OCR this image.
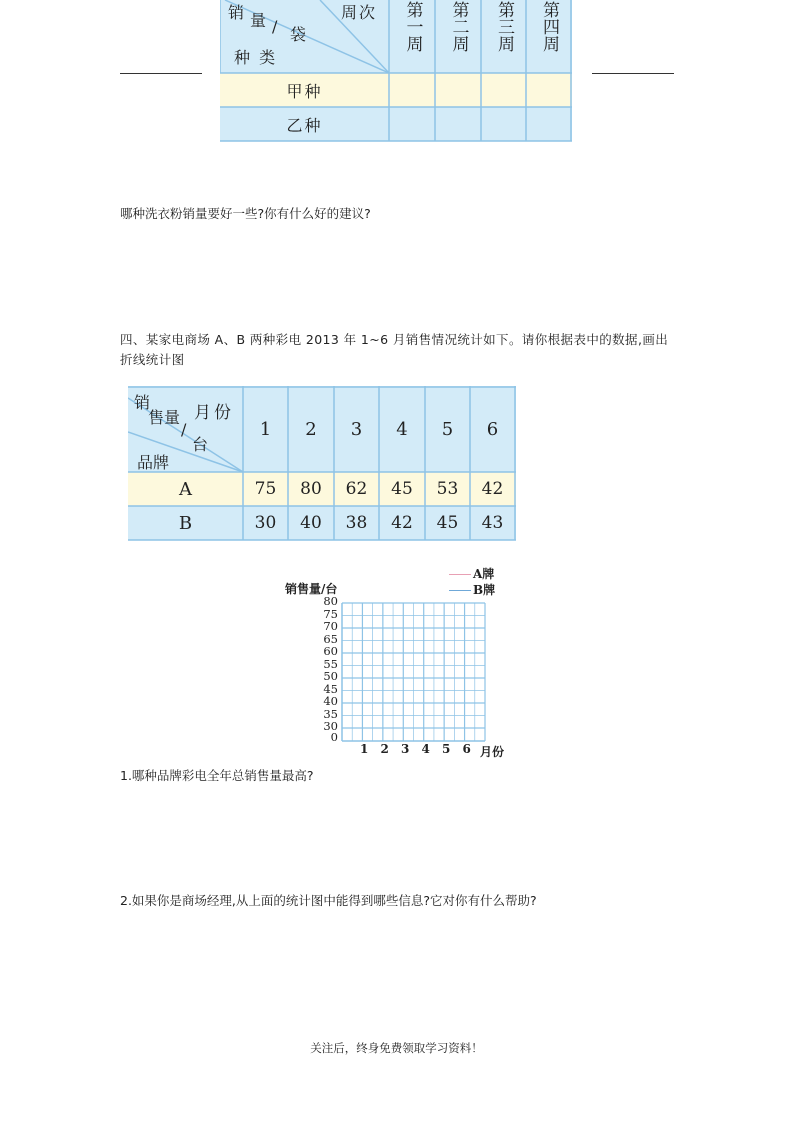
周次
销 量 / 袋
种 类
第一周 第二周 第三周 第四周
甲种
乙种
哪种洗衣粉销量要好一些?你有什么好的建议?
四、某家电商场 A、B 两种彩电 2013 年 1~6 月销售情况统计如下。请你根据表中的数据,画出折线统计图
销
售量
/
台
月份
品牌
1	2	3	4	5	6
A	75	80	62	45	53	42
B	30	40	38	42	45	43
销售量/台
A牌
B牌
80
75
70
65
60
55
50
45
40
35
30
0
1 2 3 4 5 6 月份
1.哪种品牌彩电全年总销售量最高?
2.如果你是商场经理,从上面的统计图中能得到哪些信息?它对你有什么帮助?
关注后，终身免费领取学习资料！
